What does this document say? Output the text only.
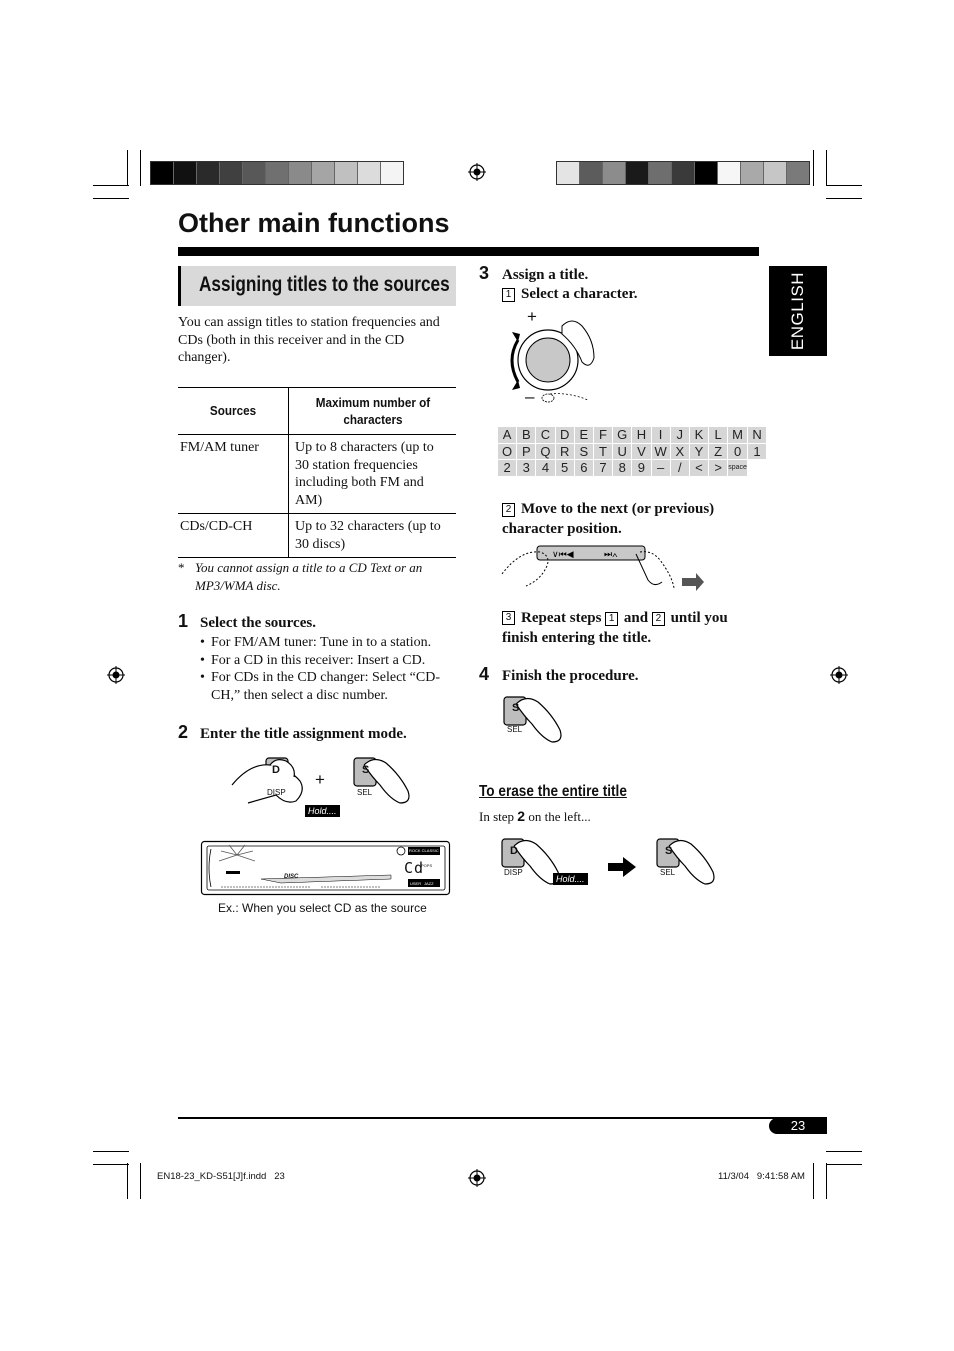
Other main functions
Assigning titles to the sources	ENGLISH
You can assign titles to station frequencies and CDs (both in this receiver and in the CD changer).
Sources	Maximum number of characters
FM/AM tuner	Up to 8 characters (up to 30 station frequencies including both FM and AM)
CDs/CD-CH	Up to 32 characters (up to 30 discs)
* You cannot assign a title to a CD Text or an MP3/WMA disc.
1 Select the sources.
• For FM/AM tuner: Tune in to a station.
• For a CD in this receiver: Insert a CD.
• For CDs in the CD changer: Select “CD-CH,” then select a disc number.
2 Enter the title assignment mode.
D
DISP
+	S
SEL
Hold....
Cd
DISC
ROCK CLASSIC
POPS
USER JAZZ
Ex.: When you select CD as the source
3 Assign a title.
1 Select a character.
+
–
A	B	C	D	E	F	G	H	I	J	K	L	M	N
O	P	Q	R	S	T	U	V	W	X	Y	Z	0	1
2	3	4	5	6	7	8	9	–	/	<	>	space	
2 Move to the next (or previous) character position.
∨⏮◀	⏭∧
Repeat steps 1 and 2 until you finish entering the title.
3
4 Finish the procedure.
S
SEL
To erase the entire title
In step 2 on the left...
D
DISP
Hold....
S
SEL
23
EN18-23_KD-S51[J]f.indd   23	11/3/04   9:41:58 AM
